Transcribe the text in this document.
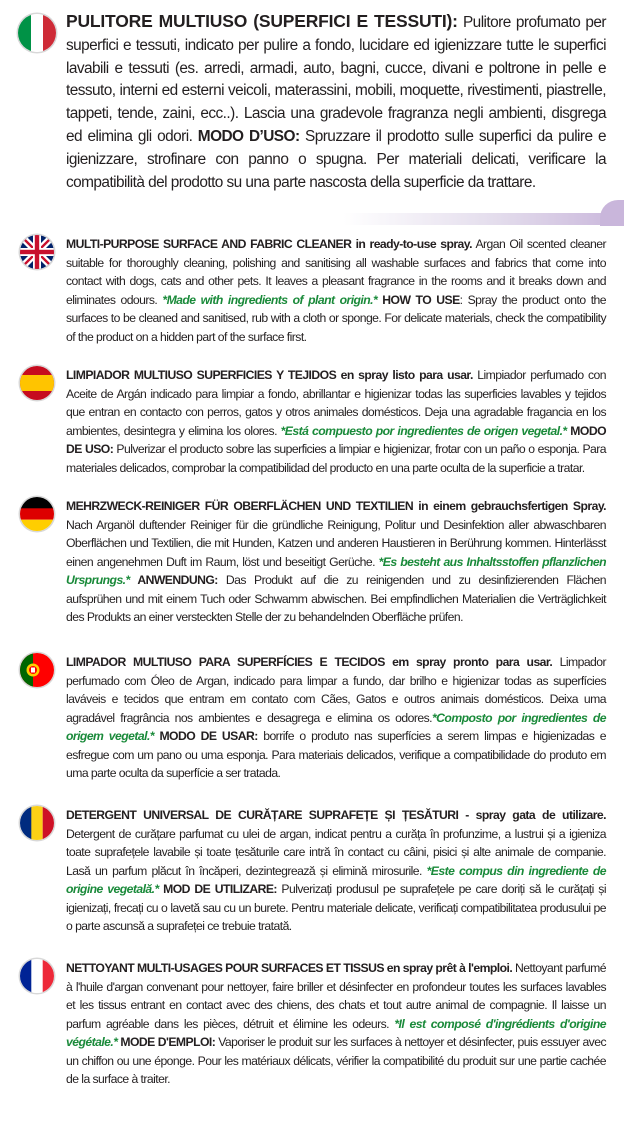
PULITORE MULTIUSO (SUPERFICI E TESSUTI): Pulitore profumato per superfici e tessuti, indicato per pulire a fondo, lucidare ed igienizzare tutte le superfici lavabili e tessuti (es. arredi, armadi, auto, bagni, cucce, divani e poltrone in pelle e tessuto, interni ed esterni veicoli, materassini, mobili, moquette, rivestimenti, piastrelle, tappeti, tende, zaini, ecc..). Lascia una gradevole fragranza negli ambienti, disgrega ed elimina gli odori. MODO D’USO: Spruzzare il prodotto sulle superfici da pulire e igienizzare, strofinare con panno o spugna. Per materiali delicati, verificare la compatibilità del prodotto su una parte nascosta della superficie da trattare.

MULTI-PURPOSE SURFACE AND FABRIC CLEANER in ready-to-use spray. Argan Oil scented cleaner suitable for thoroughly cleaning, polishing and sanitising all washable surfaces and fabrics that come into contact with dogs, cats and other pets. It leaves a pleasant fragrance in the rooms and it breaks down and eliminates odours. *Made with ingredients of plant origin.* HOW TO USE: Spray the product onto the surfaces to be cleaned and sanitised, rub with a cloth or sponge. For delicate materials, check the compatibility of the product on a hidden part of the surface first.

LIMPIADOR MULTIUSO SUPERFICIES Y TEJIDOS en spray listo para usar. Limpiador perfumado con Aceite de Argán indicado para limpiar a fondo, abrillantar e higienizar todas las superficies lavables y tejidos que entran en contacto con perros, gatos y otros animales domésticos. Deja una agradable fragancia en los ambientes, desintegra y elimina los olores. *Está compuesto por ingredientes de origen vegetal.* MODO DE USO: Pulverizar el producto sobre las superficies a limpiar e higienizar, frotar con un paño o esponja. Para materiales delicados, comprobar la compatibilidad del producto en una parte oculta de la superficie a tratar.

MEHRZWECK-REINIGER FÜR OBERFLÄCHEN UND TEXTILIEN in einem gebrauchsfertigen Spray. Nach Arganöl duftender Reiniger für die gründliche Reinigung, Politur und Desinfektion aller abwaschbaren Oberflächen und Textilien, die mit Hunden, Katzen und anderen Haustieren in Berührung kommen. Hinterlässt einen angenehmen Duft im Raum, löst und beseitigt Gerüche. *Es besteht aus Inhaltsstoffen pflanzlichen Ursprungs.* ANWENDUNG: Das Produkt auf die zu reinigenden und zu desinfizierenden Flächen aufsprühen und mit einem Tuch oder Schwamm abwischen. Bei empfindlichen Materialien die Verträglichkeit des Produkts an einer versteckten Stelle der zu behandelnden Oberfläche prüfen.

LIMPADOR MULTIUSO PARA SUPERFÍCIES E TECIDOS em spray pronto para usar. Limpador perfumado com Óleo de Argan, indicado para limpar a fundo, dar brilho e higienizar todas as superfícies laváveis e tecidos que entram em contato com Cães, Gatos e outros animais domésticos. Deixa uma agradável fragrância nos ambientes e desagrega e elimina os odores.*Composto por ingredientes de origem vegetal.* MODO DE USAR: borrife o produto nas superfícies a serem limpas e higienizadas e esfregue com um pano ou uma esponja. Para materiais delicados, verifique a compatibilidade do produto em uma parte oculta da superfície a ser tratada.

DETERGENT UNIVERSAL DE CURĂȚARE SUPRAFEȚE ȘI ȚESĂTURI - spray gata de utilizare. Detergent de curățare parfumat cu ulei de argan, indicat pentru a curăța în profunzime, a lustrui și a igieniza toate suprafețele lavabile și toate țesăturile care intră în contact cu câini, pisici și alte animale de companie. Lasă un parfum plăcut în încăperi, dezintegrează și elimină mirosurile. *Este compus din ingrediente de origine vegetală.* MOD DE UTILIZARE: Pulverizați produsul pe suprafețele pe care doriți să le curățați și igienizați, frecați cu o lavetă sau cu un burete. Pentru materiale delicate, verificați compatibilitatea produsului pe o parte ascunsă a suprafeței ce trebuie tratată.

NETTOYANT MULTI-USAGES POUR SURFACES ET TISSUS en spray prêt à l'emploi. Nettoyant parfumé à l'huile d'argan convenant pour nettoyer, faire briller et désinfecter en profondeur toutes les surfaces lavables et les tissus entrant en contact avec des chiens, des chats et tout autre animal de compagnie. Il laisse un parfum agréable dans les pièces, détruit et élimine les odeurs. *Il est composé d'ingrédients d'origine végétale.* MODE D'EMPLOI: Vaporiser le produit sur les surfaces à nettoyer et désinfecter, puis essuyer avec un chiffon ou une éponge. Pour les matériaux délicats, vérifier la compatibilité du produit sur une partie cachée de la surface à traiter.
